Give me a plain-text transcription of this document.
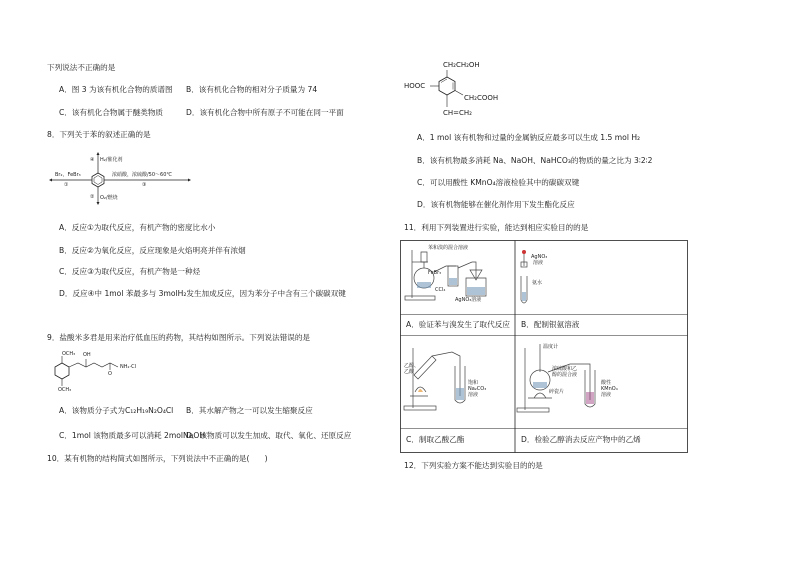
下列说法不正确的是
A．图 3 为该有机化合物的质谱图 B．该有机化合物的相对分子质量为 74
C．该有机化合物属于醚类物质	D．该有机化合物中所有原子不可能在同一平面
8．下列关于苯的叙述正确的是
H₂/催化剂
④
Br₂，FeBr₃
①
浓硝酸，浓硫酸/50～60℃
③
② O₂/燃烧
A．反应①为取代反应，有机产物的密度比水小
B．反应②为氧化反应，反应现象是火焰明亮并伴有浓烟
C．反应③为取代反应，有机产物是一种烃
D．反应④中 1mol 苯最多与 3molH₂发生加成反应，因为苯分子中含有三个碳碳双键
9．盐酸米多君是用来治疗低血压的药物，其结构如图所示。下列说法错误的是
OCH₃ OH
O
NH₂·Cl
OCH₃
A．该物质分子式为C₁₂H₁₉N₂O₄Cl B．其水解产物之一可以发生缩聚反应
C．1mol 该物质最多可以消耗 2molNaOH
D．该物质可以发生加成、取代、氧化、还原反应
10．某有机物的结构简式如图所示，下列说法中不正确的是(　　)
CH₂CH₂OH
HOOC
CH₂COOH
CH=CH₂
A．1 mol 该有机物和过量的金属钠反应最多可以生成 1.5 mol H₂
B．该有机物最多消耗 Na、NaOH、NaHCO₃的物质的量之比为 3∶2∶2
C．可以用酸性 KMnO₄溶液检验其中的碳碳双键
D．该有机物能够在催化剂作用下发生酯化反应
11．利用下列装置进行实验，能达到相应实验目的的是
A．验证苯与溴发生了取代反应 B．配制银氨溶液
C．制取乙酸乙酯	D．检验乙醇消去反应产物中的乙烯
苯和溴的混合溶液
FeBr₃
CCl₄
AgNO₃溶液
AgNO₃
溶液
氨水
乙醇、
乙酸
饱和
Na₂CO₃
溶液
温度计
浓硫酸和乙
醇的混合液
碎瓷片
酸性
KMnO₄
溶液
12．下列实验方案不能达到实验目的的是
